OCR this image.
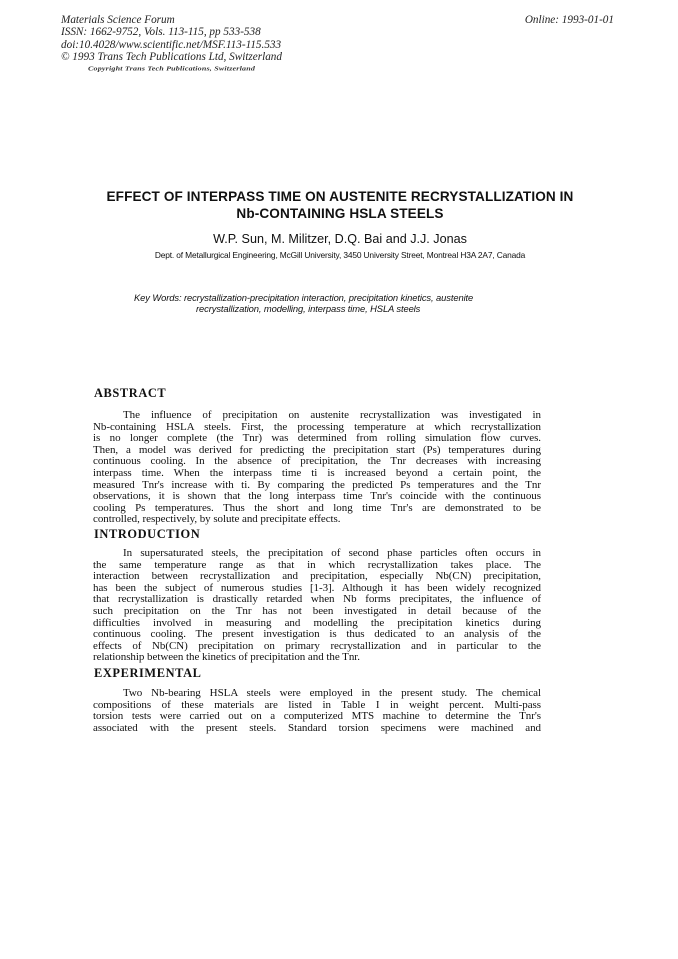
Materials Science Forum
ISSN: 1662-9752, Vols. 113-115, pp 533-538
doi:10.4028/www.scientific.net/MSF.113-115.533
© 1993 Trans Tech Publications Ltd, Switzerland
Online: 1993-01-01
Copyright Trans Tech Publications, Switzerland
EFFECT OF INTERPASS TIME ON AUSTENITE RECRYSTALLIZATION IN
Nb-CONTAINING HSLA STEELS
W.P. Sun, M. Militzer, D.Q. Bai and J.J. Jonas
Dept. of Metallurgical Engineering, McGill University, 3450 University Street, Montreal H3A 2A7, Canada
Key Words: recrystallization-precipitation interaction, precipitation kinetics, austenite
recrystallization, modelling, interpass time, HSLA steels
ABSTRACT
The influence of precipitation on austenite recrystallization was investigated in
Nb-containing HSLA steels. First, the processing temperature at which recrystallization
is no longer complete (the Tnr) was determined from rolling simulation flow curves.
Then, a model was derived for predicting the precipitation start (Ps) temperatures during
continuous cooling. In the absence of precipitation, the Tnr decreases with increasing
interpass time. When the interpass time ti is increased beyond a certain point, the
measured Tnr's increase with ti. By comparing the predicted Ps temperatures and the Tnr
observations, it is shown that the long interpass time Tnr's coincide with the continuous
cooling Ps temperatures. Thus the short and long time Tnr's are demonstrated to be
controlled, respectively, by solute and precipitate effects.
INTRODUCTION
In supersaturated steels, the precipitation of second phase particles often occurs in
the same temperature range as that in which recrystallization takes place. The
interaction between recrystallization and precipitation, especially Nb(CN) precipitation,
has been the subject of numerous studies [1-3]. Although it has been widely recognized
that recrystallization is drastically retarded when Nb forms precipitates, the influence of
such precipitation on the Tnr has not been investigated in detail because of the
difficulties involved in measuring and modelling the precipitation kinetics during
continuous cooling. The present investigation is thus dedicated to an analysis of the
effects of Nb(CN) precipitation on primary recrystallization and in particular to the
relationship between the kinetics of precipitation and the Tnr.
EXPERIMENTAL
Two Nb-bearing HSLA steels were employed in the present study. The chemical
compositions of these materials are listed in Table I in weight percent. Multi-pass
torsion tests were carried out on a computerized MTS machine to determine the Tnr's
associated with the present steels. Standard torsion specimens were machined and
